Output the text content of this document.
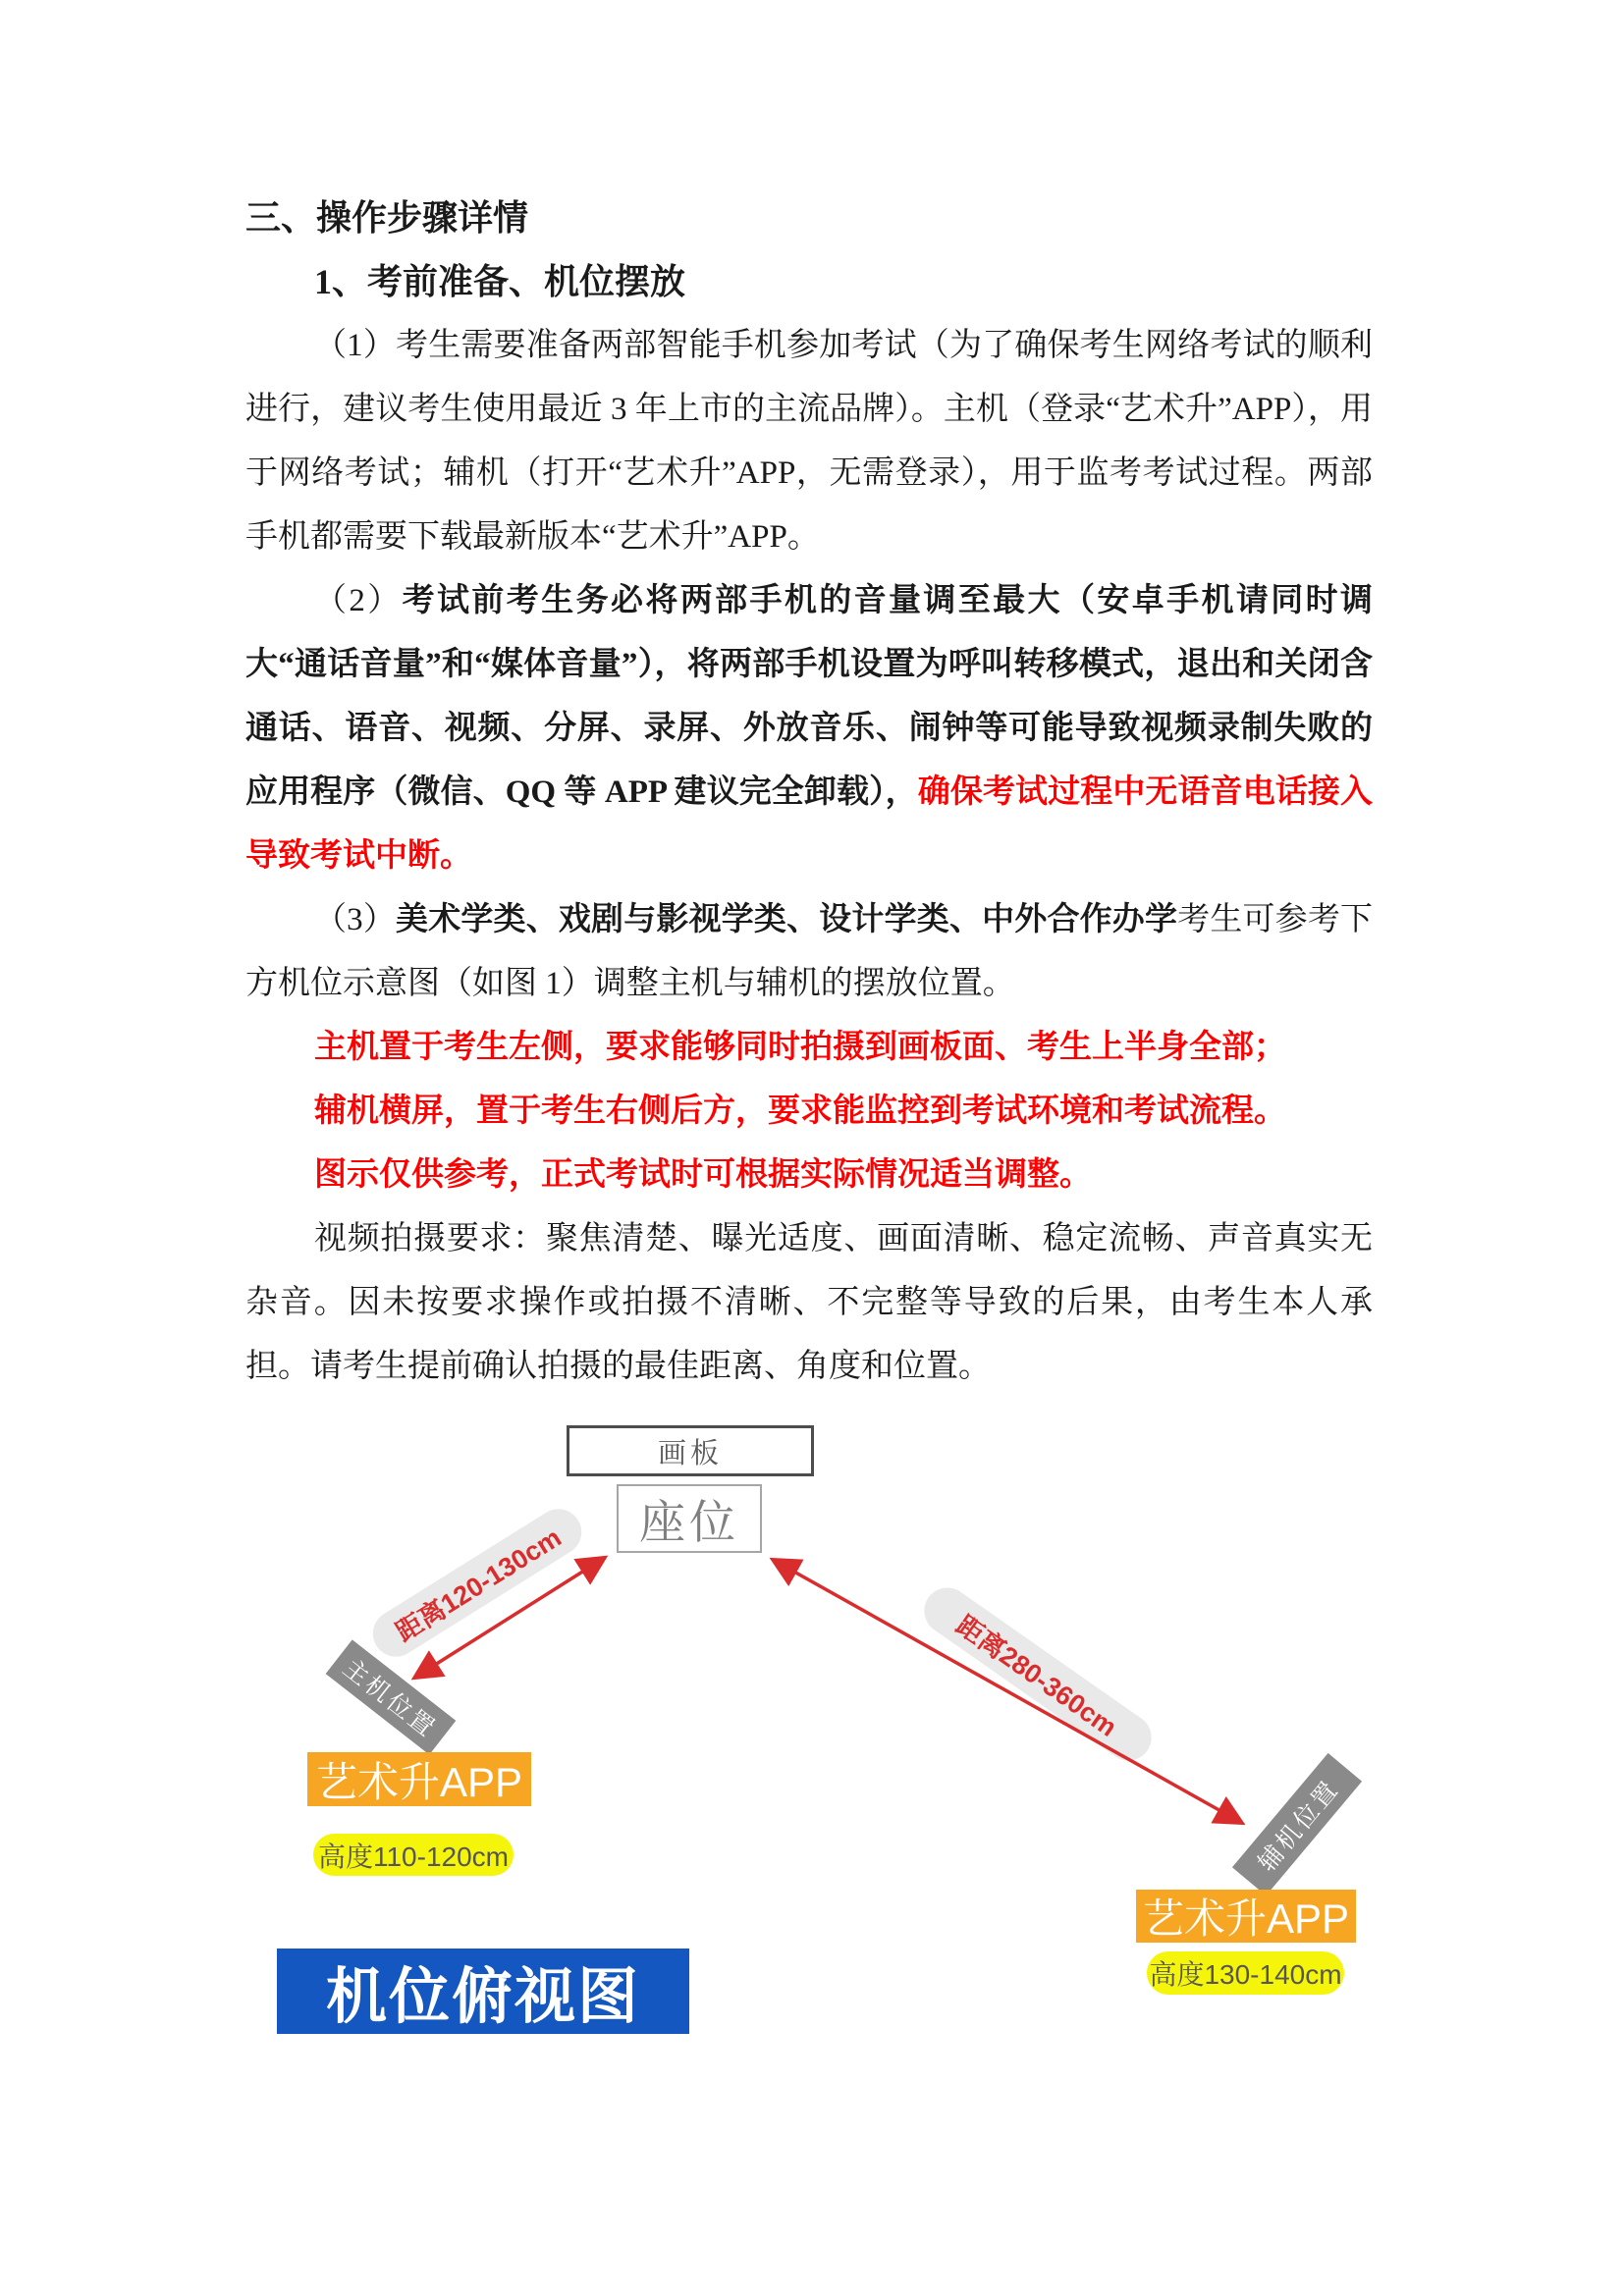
三、操作步骤详情
1、考前准备、机位摆放

（1）考生需要准备两部智能手机参加考试（为了确保考生网络考试的顺利进行，建议考生使用最近 3 年上市的主流品牌）。主机（登录“艺术升”APP），用于网络考试；辅机（打开“艺术升”APP，无需登录），用于监考考试过程。两部手机都需要下载最新版本“艺术升”APP。

（2）考试前考生务必将两部手机的音量调至最大（安卓手机请同时调大“通话音量”和“媒体音量”），将两部手机设置为呼叫转移模式，退出和关闭含通话、语音、视频、分屏、录屏、外放音乐、闹钟等可能导致视频录制失败的应用程序（微信、QQ 等 APP 建议完全卸载），确保考试过程中无语音电话接入导致考试中断。

（3）美术学类、戏剧与影视学类、设计学类、中外合作办学考生可参考下方机位示意图（如图 1）调整主机与辅机的摆放位置。

主机置于考生左侧，要求能够同时拍摄到画板面、考生上半身全部；

辅机横屏，置于考生右侧后方，要求能监控到考试环境和考试流程。

图示仅供参考，正式考试时可根据实际情况适当调整。

视频拍摄要求：聚焦清楚、曝光适度、画面清晰、稳定流畅、声音真实无杂音。因未按要求操作或拍摄不清晰、不完整等导致的后果，由考生本人承担。请考生提前确认拍摄的最佳距离、角度和位置。

画板
座位
距离120-130cm
距离280-360cm
主机位置
辅机位置
艺术升APP
艺术升APP
高度110-120cm
高度130-140cm
机位俯视图
